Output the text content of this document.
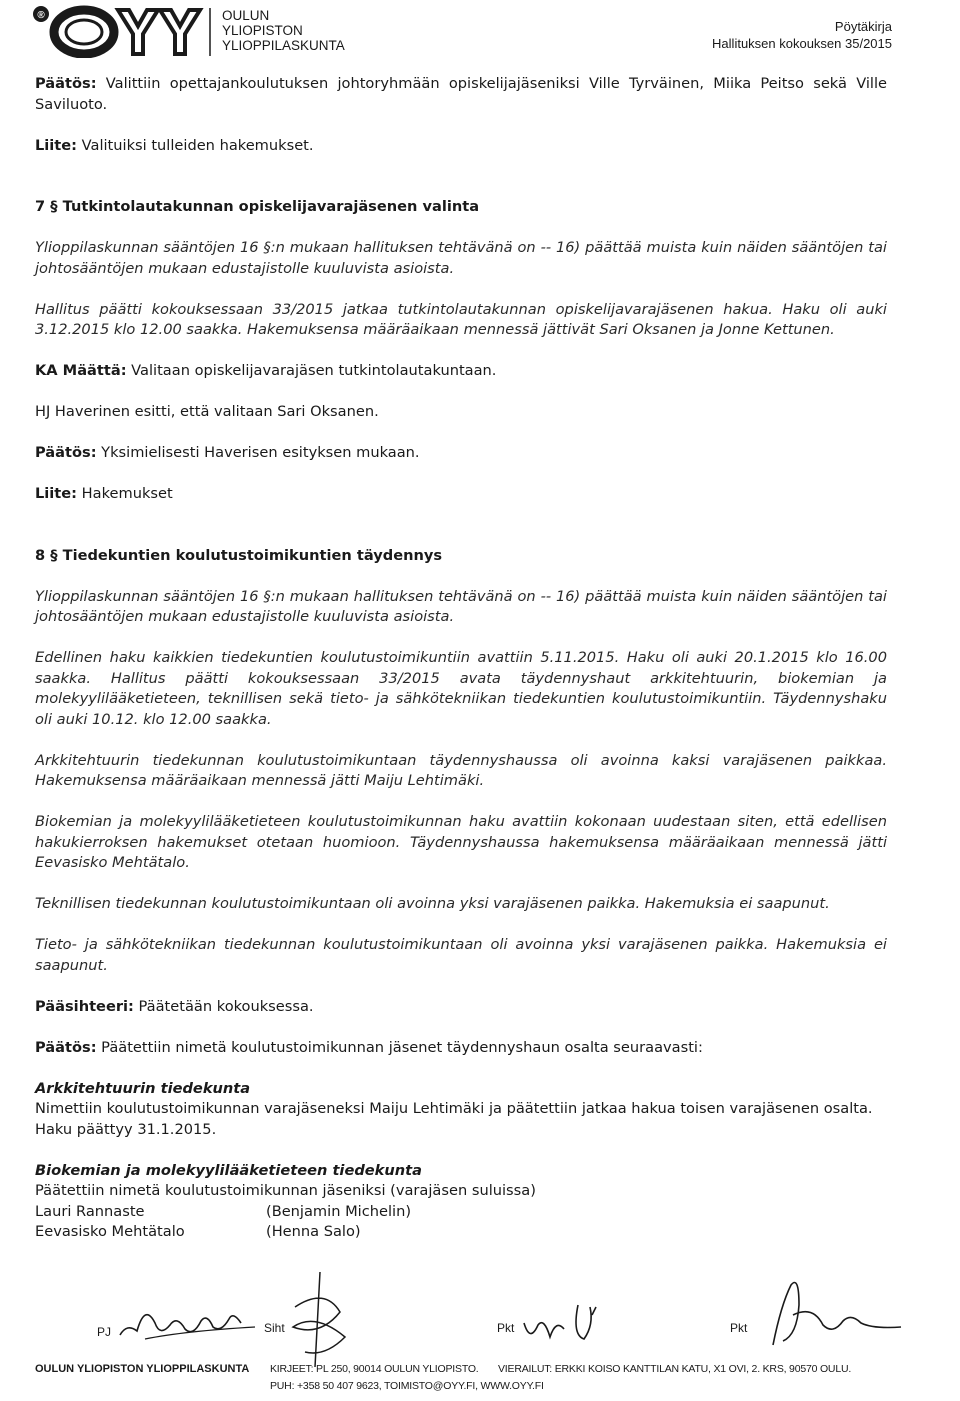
®	OULUN
YLIOPISTON
YLIOPPILASKUNTA
Pöytäkirja
Hallituksen kokouksen 35/2015

Päätös: Valittiin opettajankoulutuksen johtoryhmään opiskelijajäseniksi Ville Tyrväinen, Miika Peitso sekä Ville Saviluoto.

Liite: Valituiksi tulleiden hakemukset.

7 § Tutkintolautakunnan opiskelijavarajäsenen valinta

Ylioppilaskunnan sääntöjen 16 §:n mukaan hallituksen tehtävänä on -- 16) päättää muista kuin näiden sääntöjen tai johtosääntöjen mukaan edustajistolle kuuluvista asioista.

Hallitus päätti kokouksessaan 33/2015 jatkaa tutkintolautakunnan opiskelijavarajäsenen hakua. Haku oli auki 3.12.2015 klo 12.00 saakka. Hakemuksensa määräaikaan mennessä jättivät Sari Oksanen ja Jonne Kettunen.

KA Määttä: Valitaan opiskelijavarajäsen tutkintolautakuntaan.

HJ Haverinen esitti, että valitaan Sari Oksanen.

Päätös: Yksimielisesti Haverisen esityksen mukaan.

Liite: Hakemukset

8 § Tiedekuntien koulutustoimikuntien täydennys

Ylioppilaskunnan sääntöjen 16 §:n mukaan hallituksen tehtävänä on -- 16) päättää muista kuin näiden sääntöjen tai johtosääntöjen mukaan edustajistolle kuuluvista asioista.

Edellinen haku kaikkien tiedekuntien koulutustoimikuntiin avattiin 5.11.2015. Haku oli auki 20.1.2015 klo 16.00 saakka. Hallitus päätti kokouksessaan 33/2015 avata täydennyshaut arkkitehtuurin, biokemian ja molekyylilääketieteen, teknillisen sekä tieto- ja sähkötekniikan tiedekuntien koulutustoimikuntiin. Täydennyshaku oli auki 10.12. klo 12.00 saakka.

Arkkitehtuurin tiedekunnan koulutustoimikuntaan täydennyshaussa oli avoinna kaksi varajäsenen paikkaa. Hakemuksensa määräaikaan mennessä jätti Maiju Lehtimäki.

Biokemian ja molekyylilääketieteen koulutustoimikunnan haku avattiin kokonaan uudestaan siten, että edellisen hakukierroksen hakemukset otetaan huomioon. Täydennyshaussa hakemuksensa määräaikaan mennessä jätti Eevasisko Mehtätalo.

Teknillisen tiedekunnan koulutustoimikuntaan oli avoinna yksi varajäsenen paikka. Hakemuksia ei saapunut.

Tieto- ja sähkötekniikan tiedekunnan koulutustoimikuntaan oli avoinna yksi varajäsenen paikka. Hakemuksia ei saapunut.

Pääsihteeri: Päätetään kokouksessa.

Päätös: Päätettiin nimetä koulutustoimikunnan jäsenet täydennyshaun osalta seuraavasti:

Arkkitehtuurin tiedekunta

Nimettiin koulutustoimikunnan varajäseneksi Maiju Lehtimäki ja päätettiin jatkaa hakua toisen varajäsenen osalta. Haku päättyy 31.1.2015.

Biokemian ja molekyylilääketieteen tiedekunta

Päätettiin nimetä koulutustoimikunnan jäseniksi (varajäsen suluissa)

Lauri Rannaste	(Benjamin Michelin)

Eevasisko Mehtätalo	(Henna Salo)

PJ	Siht	Pkt	Pkt
OULUN YLIOPISTON YLIOPPILASKUNTA KIRJEET: PL 250, 90014 OULUN YLIOPISTO. VIERAILUT: ERKKI KOISO KANTTILAN KATU, X1 OVI, 2. KRS, 90570 OULU.
PUH: +358 50 407 9623, TOIMISTO@OYY.FI, WWW.OYY.FI
